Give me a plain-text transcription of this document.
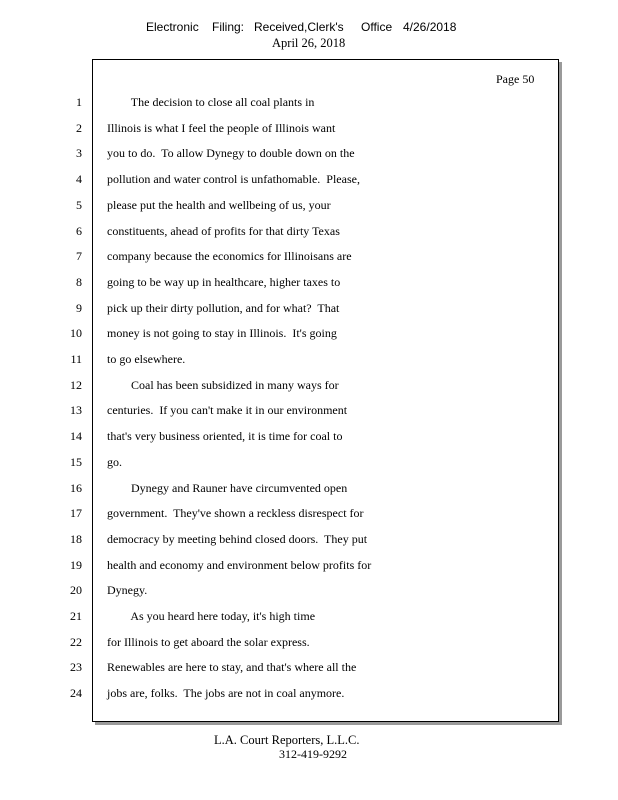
Electronic

Filing:

Received,Clerk's

Office

4/26/2018

April 26, 2018
Page 50
1 The decision to close all coal plants in
2 Illinois is what I feel the people of Illinois want
3 you to do.  To allow Dynegy to double down on the
4 pollution and water control is unfathomable.  Please,
5 please put the health and wellbeing of us, your
6 constituents, ahead of profits for that dirty Texas
7 company because the economics for Illinoisans are
8 going to be way up in healthcare, higher taxes to
9 pick up their dirty pollution, and for what?  That
10 money is not going to stay in Illinois.  It's going
11 to go elsewhere.
12 Coal has been subsidized in many ways for
13 centuries.  If you can't make it in our environment
14 that's very business oriented, it is time for coal to
15 go.
16 Dynegy and Rauner have circumvented open
17 government.  They've shown a reckless disrespect for
18 democracy by meeting behind closed doors.  They put
19 health and economy and environment below profits for
20 Dynegy.
21 As you heard here today, it's high time
22 for Illinois to get aboard the solar express.
23 Renewables are here to stay, and that's where all the
24 jobs are, folks.  The jobs are not in coal anymore.
L.A. Court Reporters, L.L.C.
312-419-9292
